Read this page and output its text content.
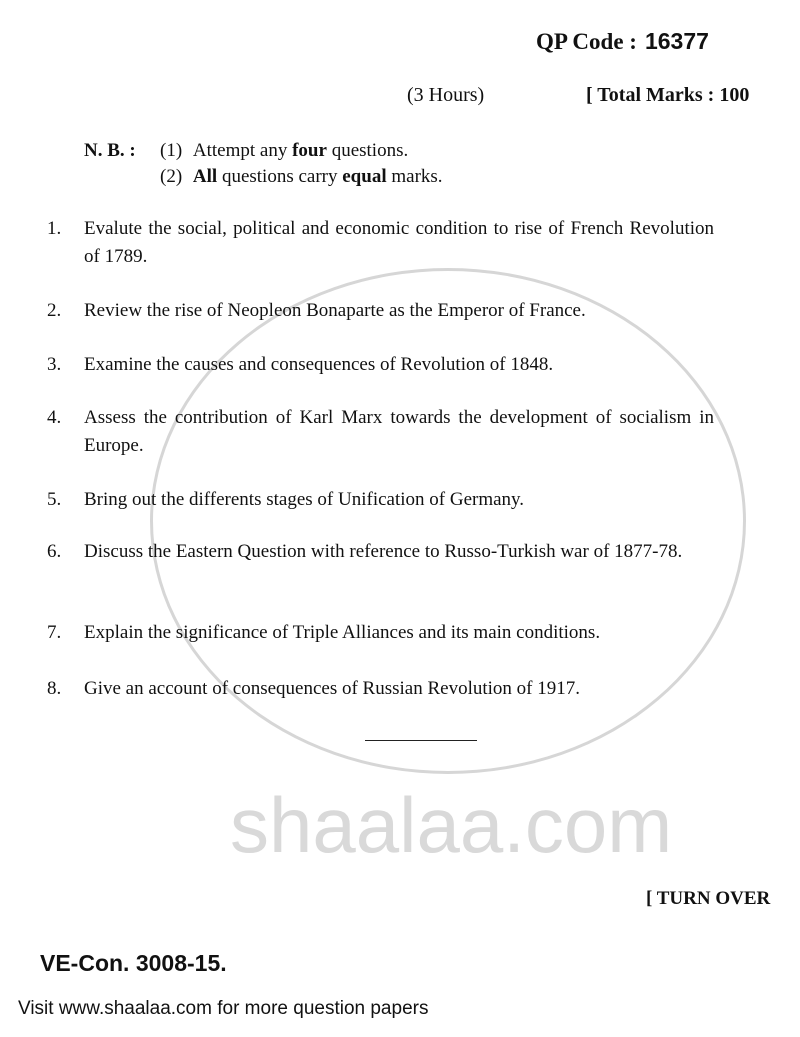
shaalaa.com
QP Code : 16377
(3 Hours)	[ Total Marks : 100
N. B. : (1) Attempt any four questions.
(2) All questions carry equal marks.
1.	Evalute the social, political and economic condition to rise of French Revolution of 1789.
2.	Review the rise of Neopleon Bonaparte as the Emperor of France.
3.	Examine the causes and consequences of Revolution of 1848.
4.	Assess the contribution of Karl Marx towards the development of socialism in Europe.
5.	Bring out the differents stages of Unification of Germany.
6.	Discuss the Eastern Question with reference to Russo-Turkish war of 1877-78.
7.	Explain the significance of Triple Alliances and its main conditions.
8.	Give an account of consequences of Russian Revolution of 1917.
[ TURN OVER
VE-Con. 3008-15.
Visit www.shaalaa.com for more question papers
